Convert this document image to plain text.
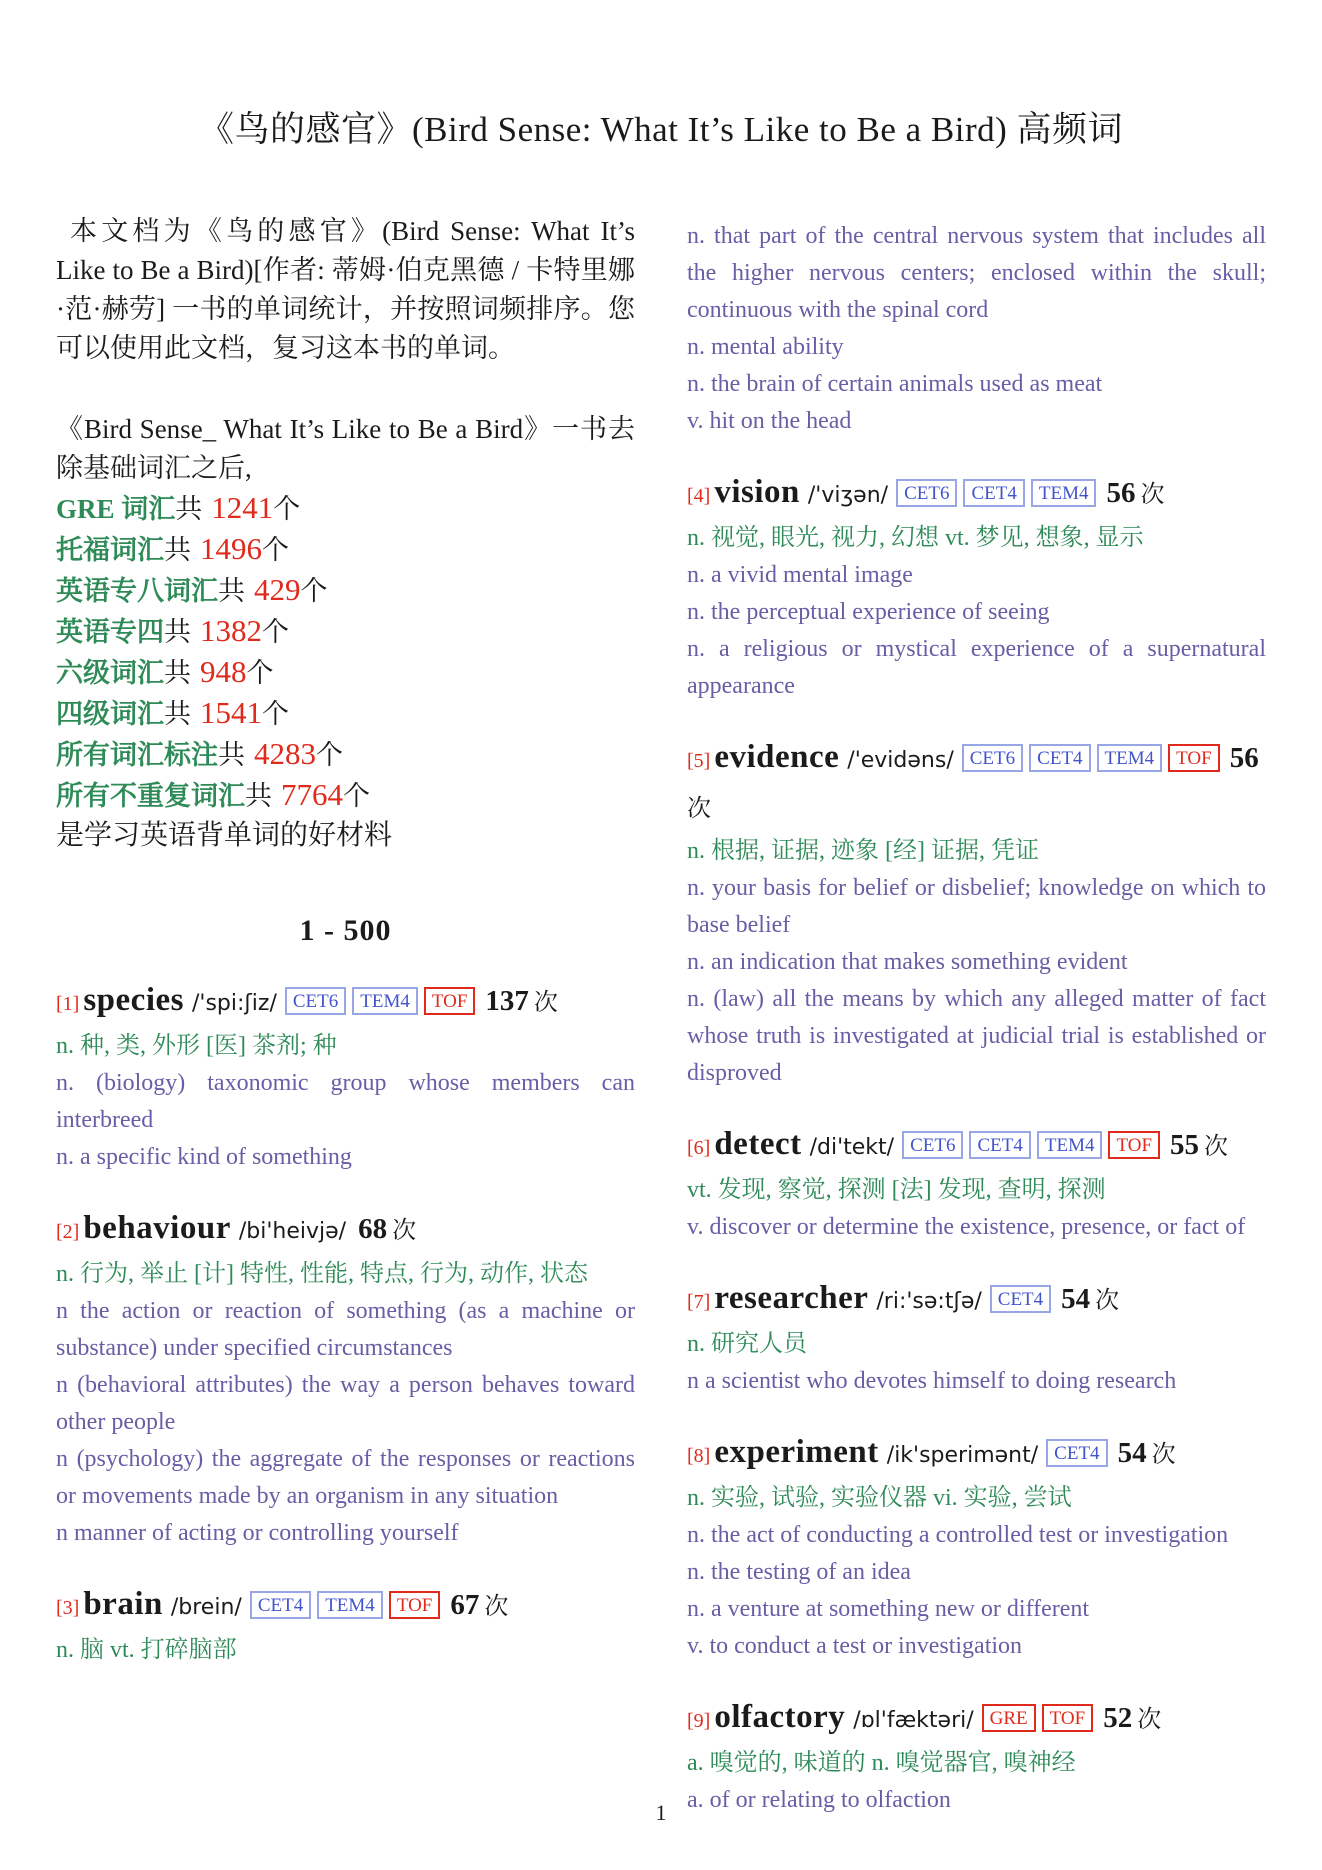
《鸟的感官》(Bird Sense: What It’s Like to Be a Bird) 高频词
本文档为《鸟的感官》(Bird Sense: What It’s Like to Be a Bird)[作者: 蒂姆·伯克黑德 / 卡特里娜·范·赫劳] 一书的单词统计，并按照词频排序。您可以使用此文档，复习这本书的单词。
《Bird Sense_ What It’s Like to Be a Bird》一书去除基础词汇之后,
GRE 词汇共 1241个
托福词汇共 1496个
英语专八词汇共 429个
英语专四共 1382个
六级词汇共 948个
四级词汇共 1541个
所有词汇标注共 4283个
所有不重复词汇共 7764个
是学习英语背单词的好材料
1 - 500

[1] species /'spi:ʃiz/ CET6 TEM4 TOF 137 次

n. 种, 类, 外形 [医] 茶剂; 种
n. (biology) taxonomic group whose members can interbreed
n. a specific kind of something

[2] behaviour /bi'heivjə/ 68 次

n. 行为, 举止 [计] 特性, 性能, 特点, 行为, 动作, 状态
n the action or reaction of something (as a machine or substance) under specified circumstances
n (behavioral attributes) the way a person behaves toward other people
n (psychology) the aggregate of the responses or reactions or movements made by an organism in any situation
n manner of acting or controlling yourself

[3] brain /brein/ CET4 TEM4 TOF 67 次

n. 脑 vt. 打碎脑部
n. that part of the central nervous system that includes all the higher nervous centers; enclosed within the skull; continuous with the spinal cord
n. mental ability
n. the brain of certain animals used as meat
v. hit on the head

[4] vision /'viʒən/ CET6 CET4 TEM4 56 次

n. 视觉, 眼光, 视力, 幻想 vt. 梦见, 想象, 显示
n. a vivid mental image
n. the perceptual experience of seeing
n. a religious or mystical experience of a supernatural appearance

[5] evidence /'evidəns/ CET6 CET4 TEM4 TOF 56次

n. 根据, 证据, 迹象 [经] 证据, 凭证
n. your basis for belief or disbelief; knowledge on which to base belief
n. an indication that makes something evident
n. (law) all the means by which any alleged matter of fact whose truth is investigated at judicial trial is established or disproved

[6] detect /di'tekt/ CET6 CET4 TEM4 TOF 55 次

vt. 发现, 察觉, 探测 [法] 发现, 查明, 探测
v. discover or determine the existence, presence, or fact of

[7] researcher /ri:'sə:tʃə/ CET4 54 次

n. 研究人员
n a scientist who devotes himself to doing research

[8] experiment /ik'sperimənt/ CET4 54 次

n. 实验, 试验, 实验仪器 vi. 实验, 尝试
n. the act of conducting a controlled test or investigation
n. the testing of an idea
n. a venture at something new or different
v. to conduct a test or investigation

[9] olfactory /ɒl'fæktəri/ GRE TOF 52 次

a. 嗅觉的, 味道的 n. 嗅觉器官, 嗅神经
a. of or relating to olfaction
1
